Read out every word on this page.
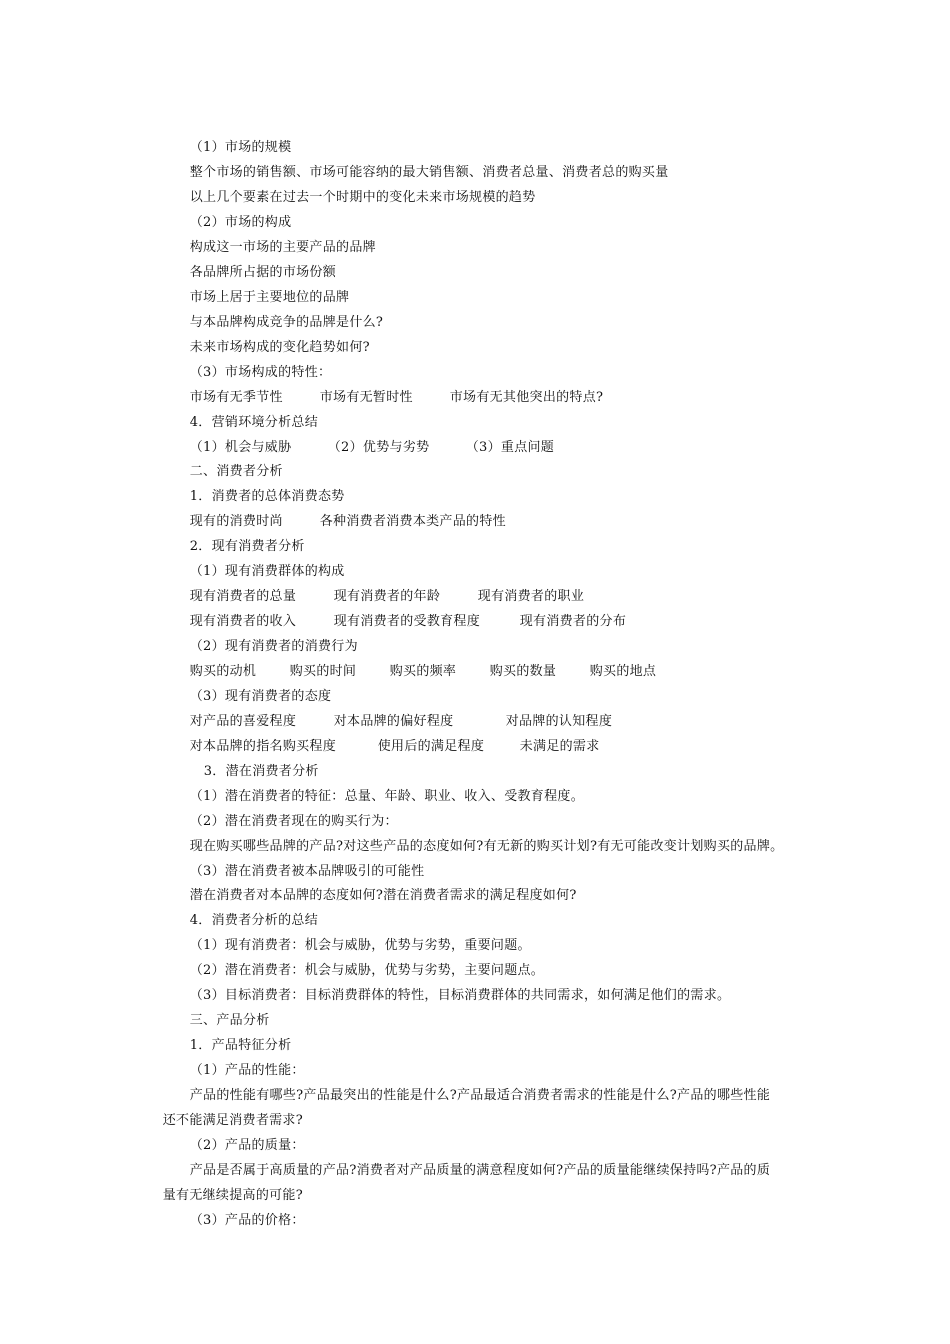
（1）市场的规模

整个市场的销售额、市场可能容纳的最大销售额、消费者总量、消费者总的购买量

以上几个要素在过去一个时期中的变化未来市场规模的趋势

（2）市场的构成

构成这一市场的主要产品的品牌

各品牌所占据的市场份额

市场上居于主要地位的品牌

与本品牌构成竞争的品牌是什么?

未来市场构成的变化趋势如何?

（3）市场构成的特性：

市场有无季节性	市场有无暂时性	市场有无其他突出的特点?

4．营销环境分析总结

（1）机会与威胁	（2）优势与劣势	（3）重点问题

二、消费者分析

1．消费者的总体消费态势

现有的消费时尚	各种消费者消费本类产品的特性

2．现有消费者分析

（1）现有消费群体的构成

现有消费者的总量	现有消费者的年龄	现有消费者的职业

现有消费者的收入	现有消费者的受教育程度	现有消费者的分布

（2）现有消费者的消费行为

购买的动机	购买的时间	购买的频率	购买的数量	购买的地点

（3）现有消费者的态度

对产品的喜爱程度	对本品牌的偏好程度	对品牌的认知程度

对本品牌的指名购买程度	使用后的满足程度	未满足的需求

3．潜在消费者分析

（1）潜在消费者的特征：总量、年龄、职业、收入、受教育程度。

（2）潜在消费者现在的购买行为：

现在购买哪些品牌的产品?对这些产品的态度如何?有无新的购买计划?有无可能改变计划购买的品牌。

（3）潜在消费者被本品牌吸引的可能性

潜在消费者对本品牌的态度如何?潜在消费者需求的满足程度如何?

4．消费者分析的总结

（1）现有消费者：机会与威胁，优势与劣势，重要问题。

（2）潜在消费者：机会与威胁，优势与劣势，主要问题点。

（3）目标消费者：目标消费群体的特性，目标消费群体的共同需求，如何满足他们的需求。

三、产品分析

1．产品特征分析

（1）产品的性能：

产品的性能有哪些?产品最突出的性能是什么?产品最适合消费者需求的性能是什么?产品的哪些性能

还不能满足消费者需求?

（2）产品的质量：

产品是否属于高质量的产品?消费者对产品质量的满意程度如何?产品的质量能继续保持吗?产品的质

量有无继续提高的可能?

（3）产品的价格：
